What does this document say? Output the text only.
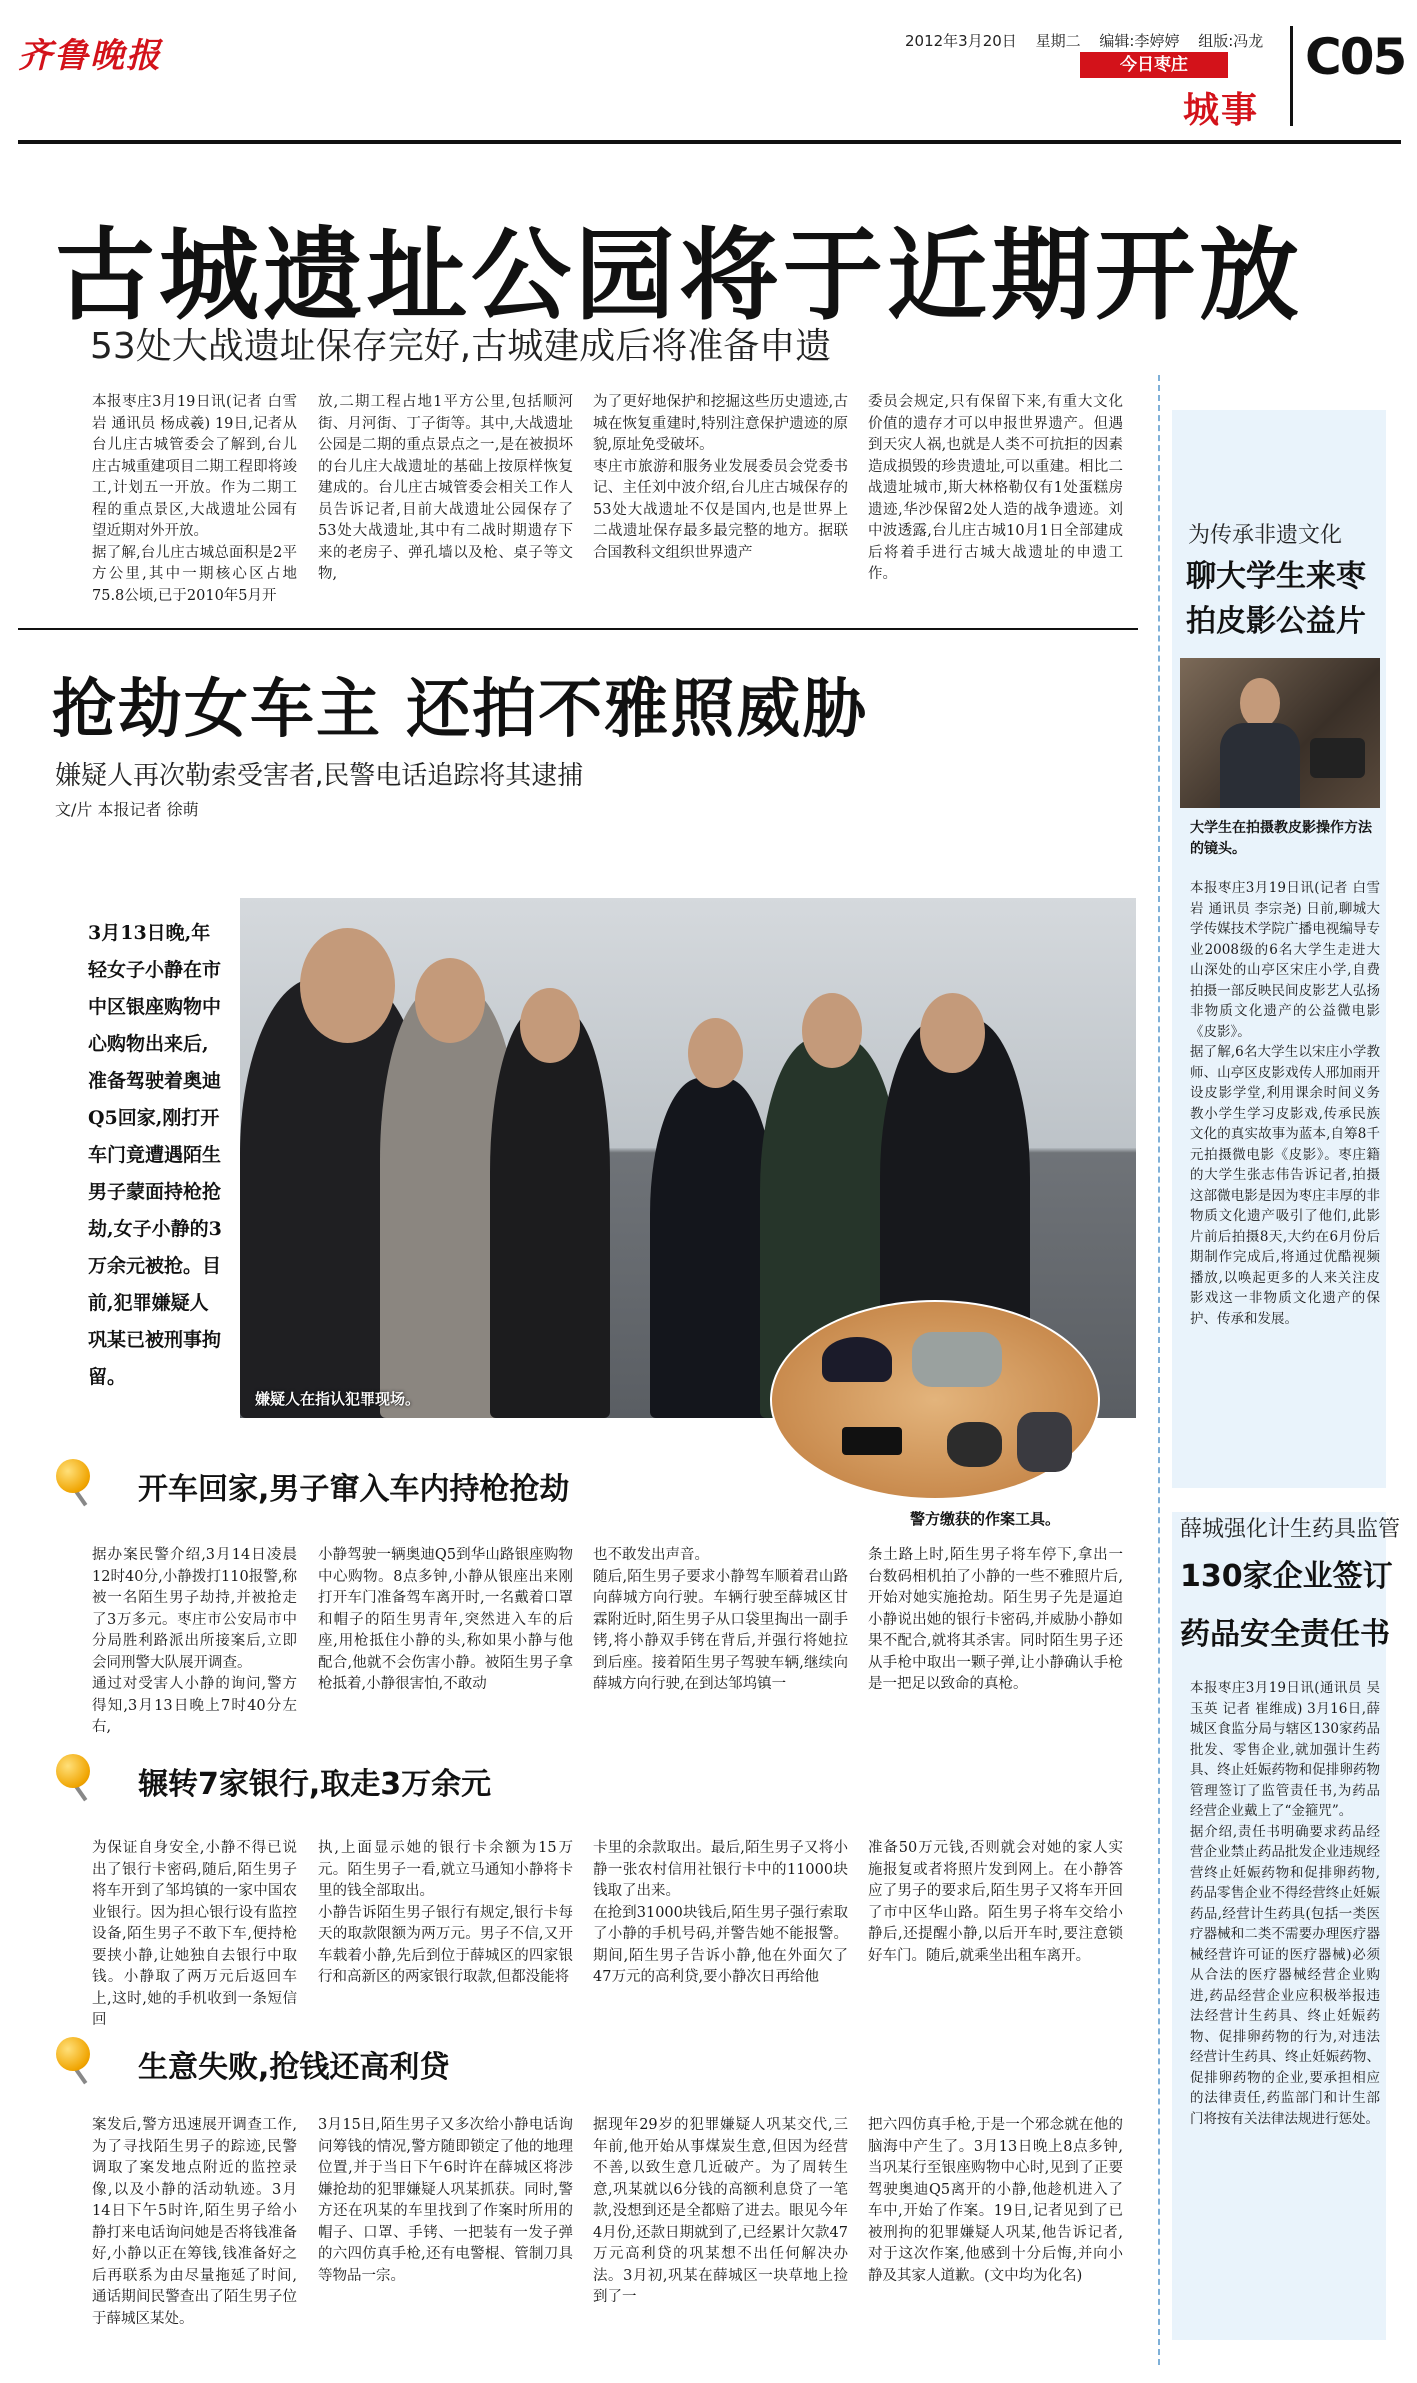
齐鲁晚报	2012年3月20日 星期二 编辑:李婷婷 组版:冯龙
今日枣庄
城事
C05
古城遗址公园将于近期开放
53处大战遗址保存完好,古城建成后将准备申遗
本报枣庄3月19日讯(记者 白雪岩 通讯员 杨成羲) 19日,记者从台儿庄古城管委会了解到,台儿庄古城重建项目二期工程即将竣工,计划五一开放。作为二期工程的重点景区,大战遗址公园有望近期对外开放。
据了解,台儿庄古城总面积是2平方公里,其中一期核心区占地75.8公顷,已于2010年5月开
放,二期工程占地1平方公里,包括顺河街、月河街、丁子街等。其中,大战遗址公园是二期的重点景点之一,是在被损坏的台儿庄大战遗址的基础上按原样恢复建成的。台儿庄古城管委会相关工作人员告诉记者,目前大战遗址公园保存了53处大战遗址,其中有二战时期遗存下来的老房子、弹孔墙以及枪、桌子等文物,
为了更好地保护和挖掘这些历史遗迹,古城在恢复重建时,特别注意保护遗迹的原貌,原址免受破坏。
枣庄市旅游和服务业发展委员会党委书记、主任刘中波介绍,台儿庄古城保存的53处大战遗址不仅是国内,也是世界上二战遗址保存最多最完整的地方。据联合国教科文组织世界遗产
委员会规定,只有保留下来,有重大文化价值的遗存才可以申报世界遗产。但遇到天灾人祸,也就是人类不可抗拒的因素造成损毁的珍贵遗址,可以重建。相比二战遗址城市,斯大林格勒仅有1处蛋糕房遗迹,华沙保留2处人造的战争遗迹。刘中波透露,台儿庄古城10月1日全部建成后将着手进行古城大战遗址的申遗工作。
抢劫女车主 还拍不雅照威胁
嫌疑人再次勒索受害者,民警电话追踪将其逮捕
文/片 本报记者 徐萌
3月13日晚,年轻女子小静在市中区银座购物中心购物出来后,准备驾驶着奥迪Q5回家,刚打开车门竟遭遇陌生男子蒙面持枪抢劫,女子小静的3万余元被抢。目前,犯罪嫌疑人巩某已被刑事拘留。
嫌疑人在指认犯罪现场。
警方缴获的作案工具。
开车回家,男子窜入车内持枪抢劫
据办案民警介绍,3月14日凌晨12时40分,小静拨打110报警,称被一名陌生男子劫持,并被抢走了3万多元。枣庄市公安局市中分局胜利路派出所接案后,立即会同刑警大队展开调查。
通过对受害人小静的询问,警方得知,3月13日晚上7时40分左右,
小静驾驶一辆奥迪Q5到华山路银座购物中心购物。8点多钟,小静从银座出来刚打开车门准备驾车离开时,一名戴着口罩和帽子的陌生男青年,突然进入车的后座,用枪抵住小静的头,称如果小静与他配合,他就不会伤害小静。被陌生男子拿枪抵着,小静很害怕,不敢动
也不敢发出声音。
随后,陌生男子要求小静驾车顺着君山路向薛城方向行驶。车辆行驶至薛城区甘霖附近时,陌生男子从口袋里掏出一副手铐,将小静双手铐在背后,并强行将她拉到后座。接着陌生男子驾驶车辆,继续向薛城方向行驶,在到达邹坞镇一
条土路上时,陌生男子将车停下,拿出一台数码相机拍了小静的一些不雅照片后,开始对她实施抢劫。陌生男子先是逼迫小静说出她的银行卡密码,并威胁小静如果不配合,就将其杀害。同时陌生男子还从手枪中取出一颗子弹,让小静确认手枪是一把足以致命的真枪。
辗转7家银行,取走3万余元
为保证自身安全,小静不得已说出了银行卡密码,随后,陌生男子将车开到了邹坞镇的一家中国农业银行。因为担心银行设有监控设备,陌生男子不敢下车,便持枪要挟小静,让她独自去银行中取钱。小静取了两万元后返回车上,这时,她的手机收到一条短信回
执,上面显示她的银行卡余额为15万元。陌生男子一看,就立马通知小静将卡里的钱全部取出。
小静告诉陌生男子银行有规定,银行卡每天的取款限额为两万元。男子不信,又开车载着小静,先后到位于薛城区的四家银行和高新区的两家银行取款,但都没能将
卡里的余款取出。最后,陌生男子又将小静一张农村信用社银行卡中的11000块钱取了出来。
在抢到31000块钱后,陌生男子强行索取了小静的手机号码,并警告她不能报警。期间,陌生男子告诉小静,他在外面欠了47万元的高利贷,要小静次日再给他
准备50万元钱,否则就会对她的家人实施报复或者将照片发到网上。在小静答应了男子的要求后,陌生男子又将车开回了市中区华山路。陌生男子将车交给小静后,还提醒小静,以后开车时,要注意锁好车门。随后,就乘坐出租车离开。
生意失败,抢钱还高利贷
案发后,警方迅速展开调查工作,为了寻找陌生男子的踪迹,民警调取了案发地点附近的监控录像,以及小静的活动轨迹。3月14日下午5时许,陌生男子给小静打来电话询问她是否将钱准备好,小静以正在筹钱,钱准备好之后再联系为由尽量拖延了时间,通话期间民警查出了陌生男子位于薛城区某处。
3月15日,陌生男子又多次给小静电话询问筹钱的情况,警方随即锁定了他的地理位置,并于当日下午6时许在薛城区将涉嫌抢劫的犯罪嫌疑人巩某抓获。同时,警方还在巩某的车里找到了作案时所用的帽子、口罩、手铐、一把装有一发子弹的六四仿真手枪,还有电警棍、管制刀具等物品一宗。
据现年29岁的犯罪嫌疑人巩某交代,三年前,他开始从事煤炭生意,但因为经营不善,以致生意几近破产。为了周转生意,巩某就以6分钱的高额利息贷了一笔款,没想到还是全都赔了进去。眼见今年4月份,还款日期就到了,已经累计欠款47万元高利贷的巩某想不出任何解决办法。3月初,巩某在薛城区一块草地上捡到了一
把六四仿真手枪,于是一个邪念就在他的脑海中产生了。3月13日晚上8点多钟,当巩某行至银座购物中心时,见到了正要驾驶奥迪Q5离开的小静,他趁机进入了车中,开始了作案。19日,记者见到了已被刑拘的犯罪嫌疑人巩某,他告诉记者,对于这次作案,他感到十分后悔,并向小静及其家人道歉。(文中均为化名)
为传承非遗文化
聊大学生来枣
拍皮影公益片
大学生在拍摄教皮影操作方法的镜头。
本报枣庄3月19日讯(记者 白雪岩 通讯员 李宗尧) 日前,聊城大学传媒技术学院广播电视编导专业2008级的6名大学生走进大山深处的山亭区宋庄小学,自费拍摄一部反映民间皮影艺人弘扬非物质文化遗产的公益微电影《皮影》。
据了解,6名大学生以宋庄小学教师、山亭区皮影戏传人邢加雨开设皮影学堂,利用课余时间义务教小学生学习皮影戏,传承民族文化的真实故事为蓝本,自筹8千元拍摄微电影《皮影》。枣庄籍的大学生张志伟告诉记者,拍摄这部微电影是因为枣庄丰厚的非物质文化遗产吸引了他们,此影片前后拍摄8天,大约在6月份后期制作完成后,将通过优酷视频播放,以唤起更多的人来关注皮影戏这一非物质文化遗产的保护、传承和发展。
薛城强化计生药具监管
130家企业签订
药品安全责任书
本报枣庄3月19日讯(通讯员 吴玉英 记者 崔维成) 3月16日,薛城区食监分局与辖区130家药品批发、零售企业,就加强计生药具、终止妊娠药物和促排卵药物管理签订了监管责任书,为药品经营企业戴上了“金箍咒”。
据介绍,责任书明确要求药品经营企业禁止药品批发企业违规经营终止妊娠药物和促排卵药物,药品零售企业不得经营终止妊娠药品,经营计生药具(包括一类医疗器械和二类不需要办理医疗器械经营许可证的医疗器械)必须从合法的医疗器械经营企业购进,药品经营企业应积极举报违法经营计生药具、终止妊娠药物、促排卵药物的行为,对违法经营计生药具、终止妊娠药物、促排卵药物的企业,要承担相应的法律责任,药监部门和计生部门将按有关法律法规进行惩处。
